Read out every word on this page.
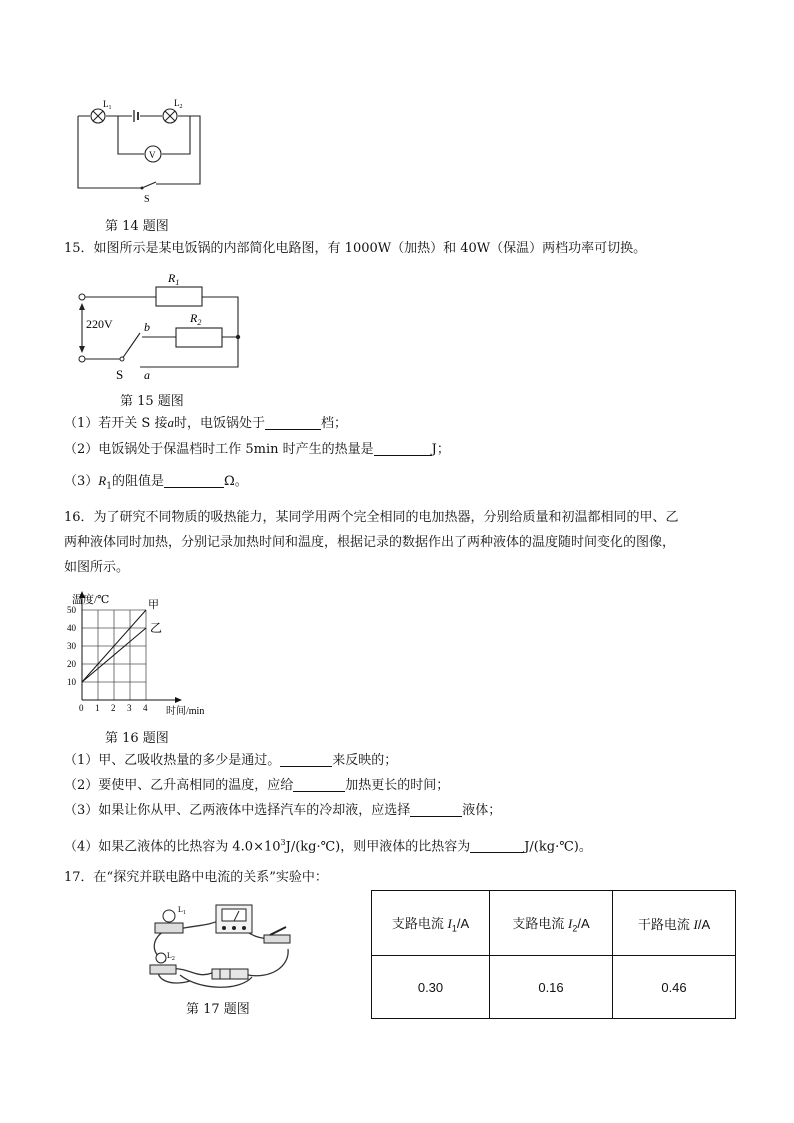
$L_1$	$L_2$
V
S
第 14 题图
15．如图所示是某电饭锅的内部简化电路图，有 1000W（加热）和 40W（保温）两档功率可切换。
$R_1$
$R_2$
220V	b
S a
第 15 题图
（1）若开关 S 接a时，电饭锅处于	档；
（2）电饭锅处于保温档时工作 5min 时产生的热量是	J；
$(3)R_1$的阻值是	Ω。
16．为了研究不同物质的吸热能力，某同学用两个完全相同的电加热器，分别给质量和初温都相同的甲、乙
两种液体同时加热，分别记录加热时间和温度，根据记录的数据作出了两种液体的温度随时间变化的图像，
如图所示。
0 1 2 3 4
10
20
30
40
50
温度/℃
时间/min
甲
乙
第 16 题图
（1）甲、乙吸收热量的多少是通过。	来反映的；
（2）要使甲、乙升高相同的温度，应给	加热更长的时间；
（3）如果让你从甲、乙两液体中选择汽车的冷却液，应选择	液体；
（4）如果乙液体的比热容为 $4.0\times 10^3J/(kg\cdot℃)$，则甲液体的比热容为	J/(kg·℃)。
17．在“探究并联电路中电流的关系”实验中：
$L_1$
$L_2$
第 17 题图
支路电流 $I_1/A$	支路电流 $I_2/A$	干路电流 I/A
0.30	0.16	0.46
